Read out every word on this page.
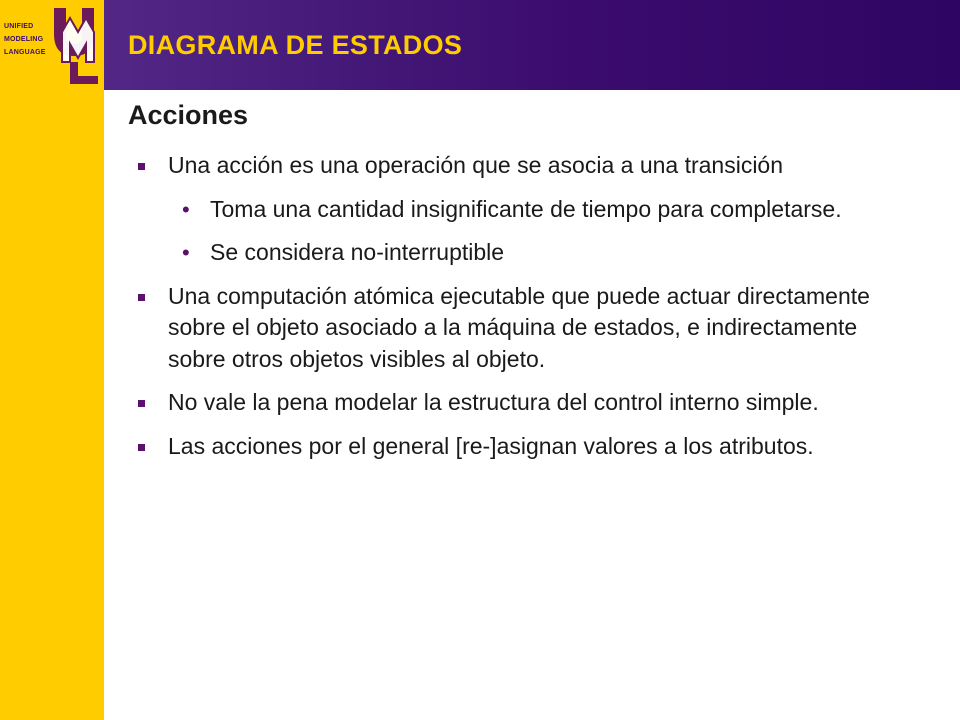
UNIFIED
MODELING
LANGUAGE	DIAGRAMA DE ESTADOS
Acciones
Una acción es una operación que se asocia a una transición
• Toma una cantidad insignificante de tiempo para completarse.
• Se considera no-interruptible
Una computación atómica ejecutable que puede actuar directamente sobre el objeto asociado a la máquina de estados, e indirectamente sobre otros objetos visibles al objeto.
No vale la pena modelar la estructura del control interno simple.
Las acciones por el general [re-]asignan valores a los atributos.
